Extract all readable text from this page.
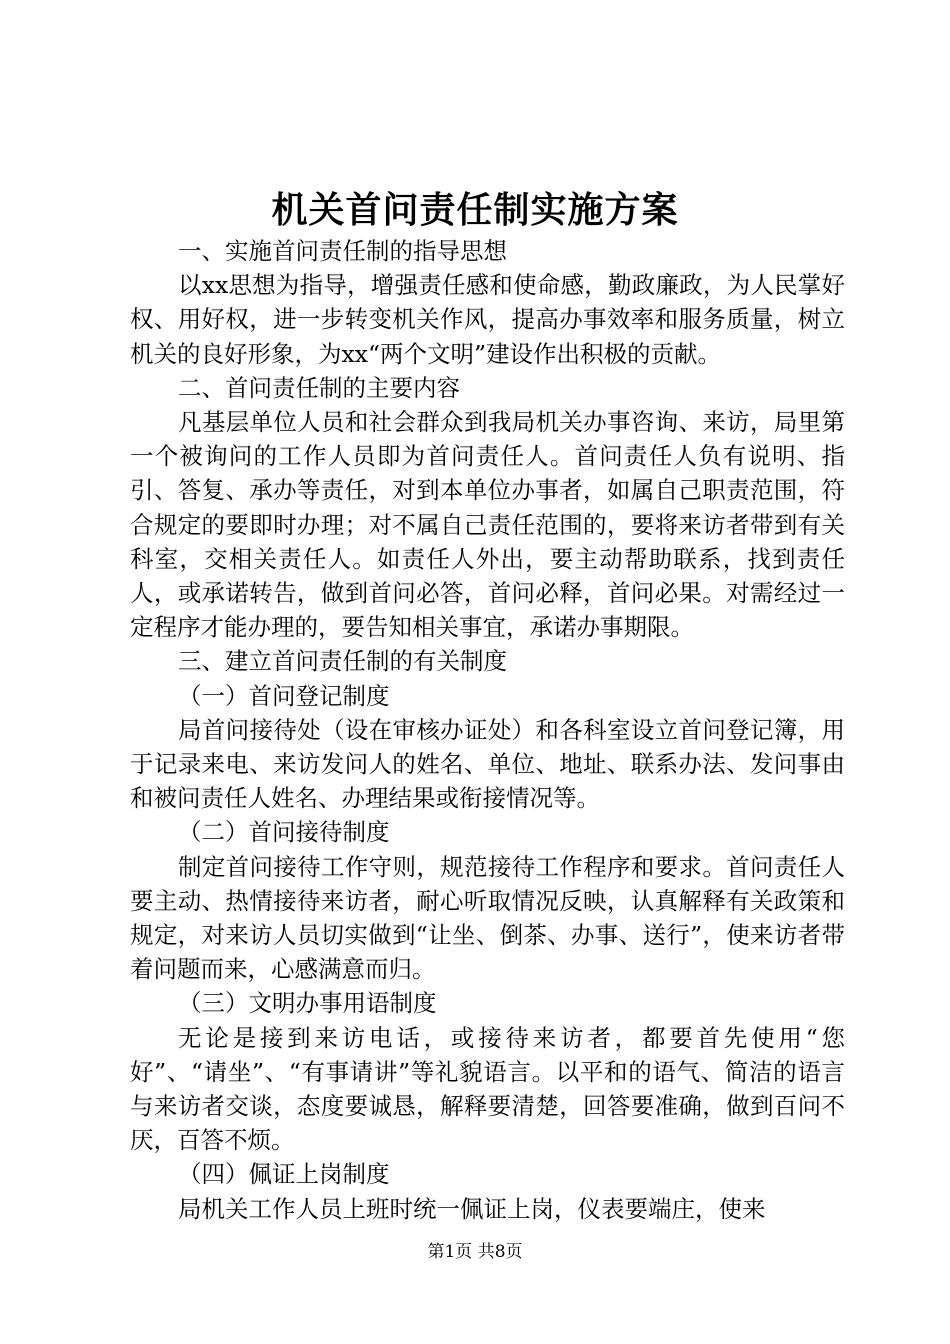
机关首问责任制实施方案

一、实施首问责任制的指导思想

以xx思想为指导，增强责任感和使命感，勤政廉政，为人民掌好权、用好权，进一步转变机关作风，提高办事效率和服务质量，树立机关的良好形象，为xx“两个文明”建设作出积极的贡献。

二、首问责任制的主要内容

凡基层单位人员和社会群众到我局机关办事咨询、来访，局里第一个被询问的工作人员即为首问责任人。首问责任人负有说明、指引、答复、承办等责任，对到本单位办事者，如属自己职责范围，符合规定的要即时办理；对不属自己责任范围的，要将来访者带到有关科室，交相关责任人。如责任人外出，要主动帮助联系，找到责任人，或承诺转告，做到首问必答，首问必释，首问必果。对需经过一定程序才能办理的，要告知相关事宜，承诺办事期限。

三、建立首问责任制的有关制度

（一）首问登记制度

局首问接待处（设在审核办证处）和各科室设立首问登记簿，用于记录来电、来访发问人的姓名、单位、地址、联系办法、发问事由和被问责任人姓名、办理结果或衔接情况等。

（二）首问接待制度

制定首问接待工作守则，规范接待工作程序和要求。首问责任人要主动、热情接待来访者，耐心听取情况反映，认真解释有关政策和规定，对来访人员切实做到“让坐、倒茶、办事、送行”，使来访者带着问题而来，心感满意而归。

（三）文明办事用语制度

无论是接到来访电话，或接待来访者，都要首先使用“您好”、“请坐”、“有事请讲”等礼貌语言。以平和的语气、简洁的语言与来访者交谈，态度要诚恳，解释要清楚，回答要准确，做到百问不厌，百答不烦。

（四）佩证上岗制度

局机关工作人员上班时统一佩证上岗，仪表要端庄，使来

第1页 共8页
